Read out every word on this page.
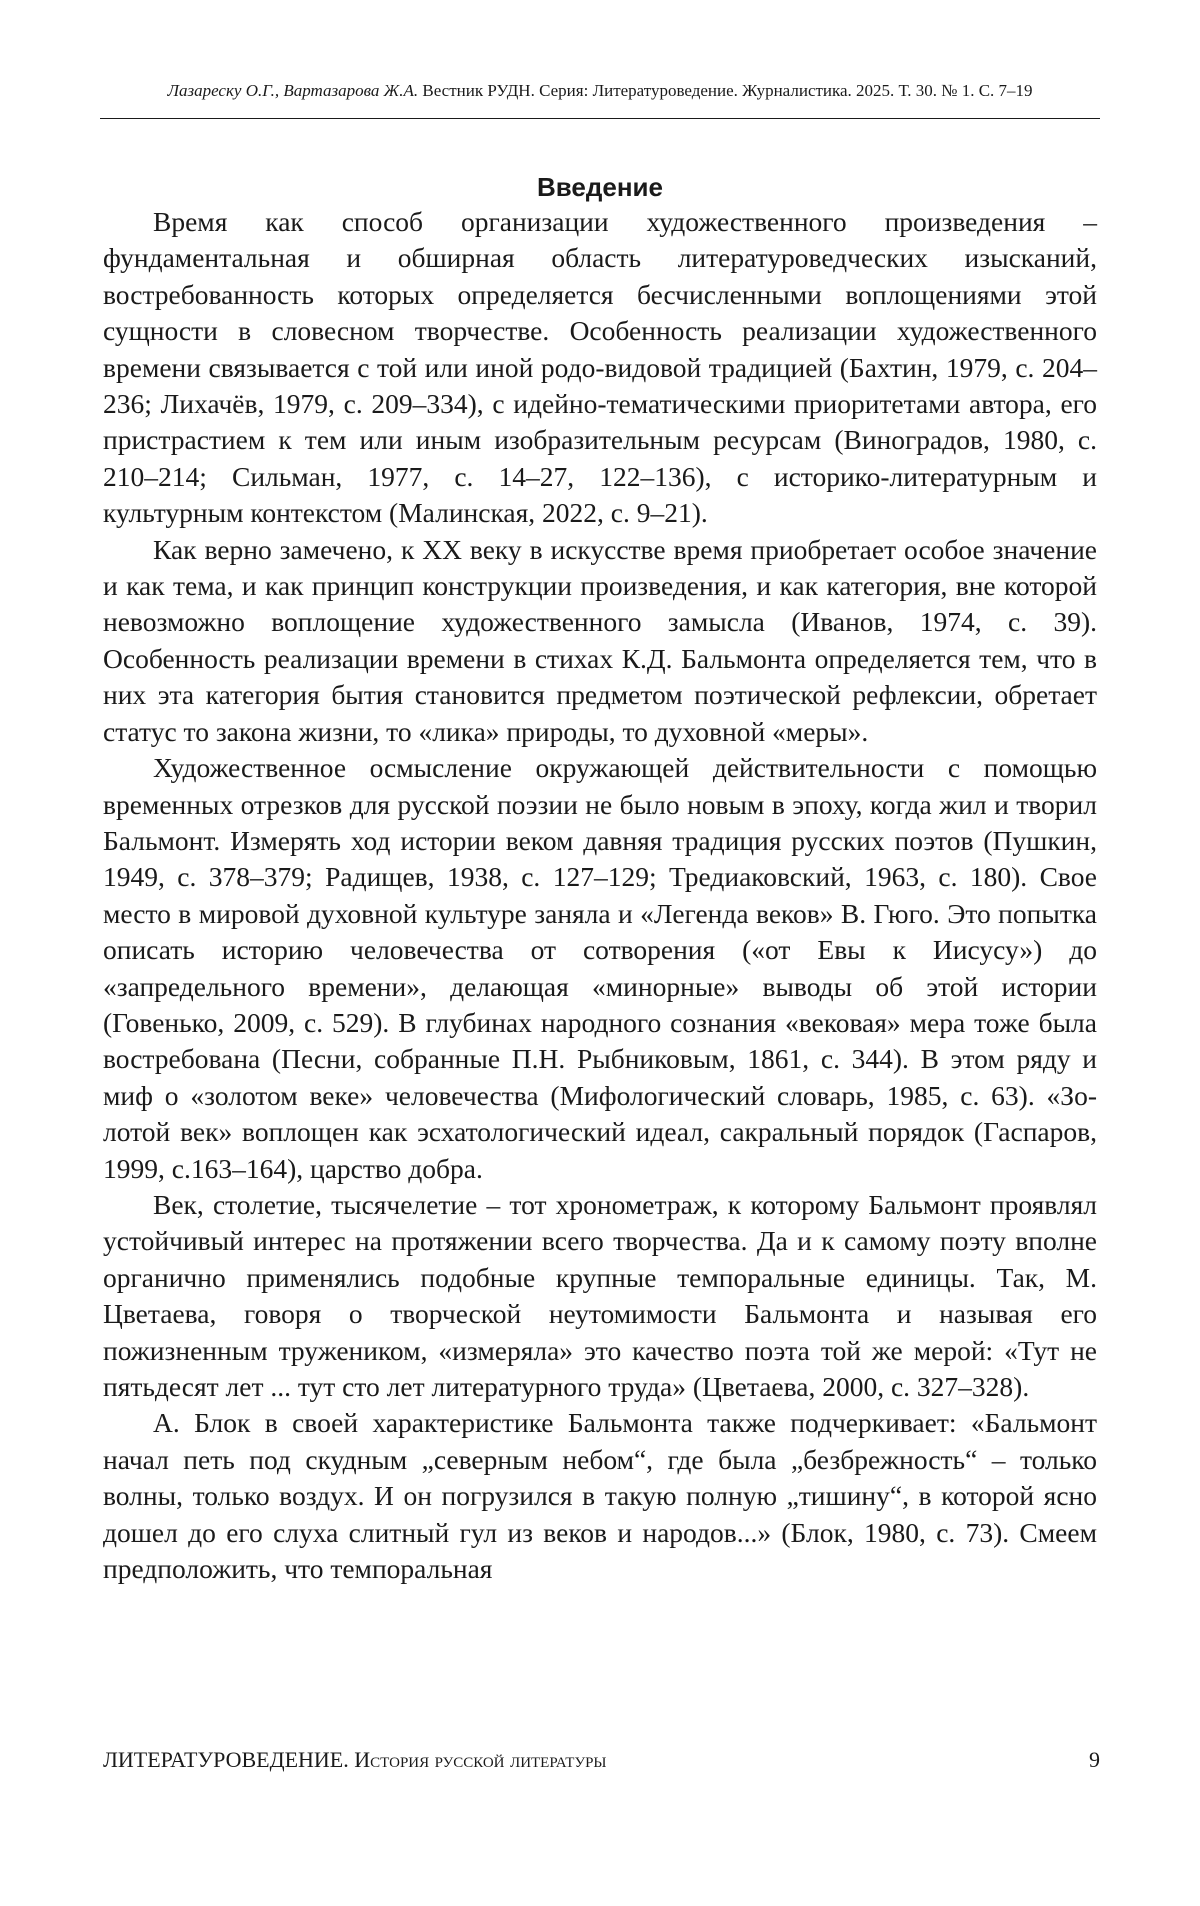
Лазареску О.Г., Вартазарова Ж.А. Вестник РУДН. Серия: Литературоведение. Журналистика. 2025. Т. 30. № 1. С. 7–19
Введение

Время как способ организации художественного произведения – фундаментальная и обширная область литературоведческих изысканий, востребованность которых определяется бесчисленными воплощениями этой сущности в словесном творчестве. Особенность реализации художественного времени связывается с той или иной родо-видовой традицией (Бахтин, 1979, с. 204–236; Лихачёв, 1979, с. 209–334), с идейно-тематическими приоритетами автора, его пристрастием к тем или иным изобразительным ресурсам (Виноградов, 1980, с. 210–214; Сильман, 1977, с. 14–27, 122–136), с историко-литературным и культурным контекстом (Малинская, 2022, с. 9–21).

Как верно замечено, к ХХ веку в искусстве время приобретает особое значение и как тема, и как принцип конструкции произведения, и как категория, вне которой невозможно воплощение художественного замысла (Иванов, 1974, с. 39). Особенность реализации времени в стихах К.Д. Бальмонта определяется тем, что в них эта категория бытия становится предметом поэтической рефлексии, обретает статус то закона жизни, то «лика» природы, то духовной «меры».

Художественное осмысление окружающей действительности с помощью временных отрезков для русской поэзии не было новым в эпоху, когда жил и творил Бальмонт. Измерять ход истории веком давняя традиция русских поэтов (Пушкин, 1949, с. 378–379; Радищев, 1938, с. 127–129; Тредиаковский, 1963, с. 180). Свое место в мировой духовной культуре заняла и «Легенда веков» В. Гюго. Это попытка описать историю человечества от сотворения («от Евы к Иисусу») до «запредельного времени», делающая «минорные» выводы об этой истории (Говенько, 2009, с. 529). В глубинах народного сознания «вековая» мера тоже была востребована (Песни, собранные П.Н. Рыбниковым, 1861, с. 344). В этом ряду и миф о «золотом веке» человечества (Мифологический словарь, 1985, с. 63). «Золотой век» воплощен как эсхатологический идеал, сакральный порядок (Гаспаров, 1999, с.163–164), царство добра.

Век, столетие, тысячелетие – тот хронометраж, к которому Бальмонт проявлял устойчивый интерес на протяжении всего творчества. Да и к самому поэту вполне органично применялись подобные крупные темпоральные единицы. Так, М. Цветаева, говоря о творческой неутомимости Бальмонта и называя его пожизненным тружеником, «измеряла» это качество поэта той же мерой: «Тут не пятьдесят лет ... тут сто лет литературного труда» (Цветаева, 2000, с. 327–328).

А. Блок в своей характеристике Бальмонта также подчеркивает: «Бальмонт начал петь под скудным „северным небом“, где была „безбрежность“ – только волны, только воздух. И он погрузился в такую полную „тишину“, в которой ясно дошел до его слуха слитный гул из веков и народов...» (Блок, 1980, с. 73). Смеем предположить, что темпоральная

ЛИТЕРАТУРОВЕДЕНИЕ. История русской литературы	9
